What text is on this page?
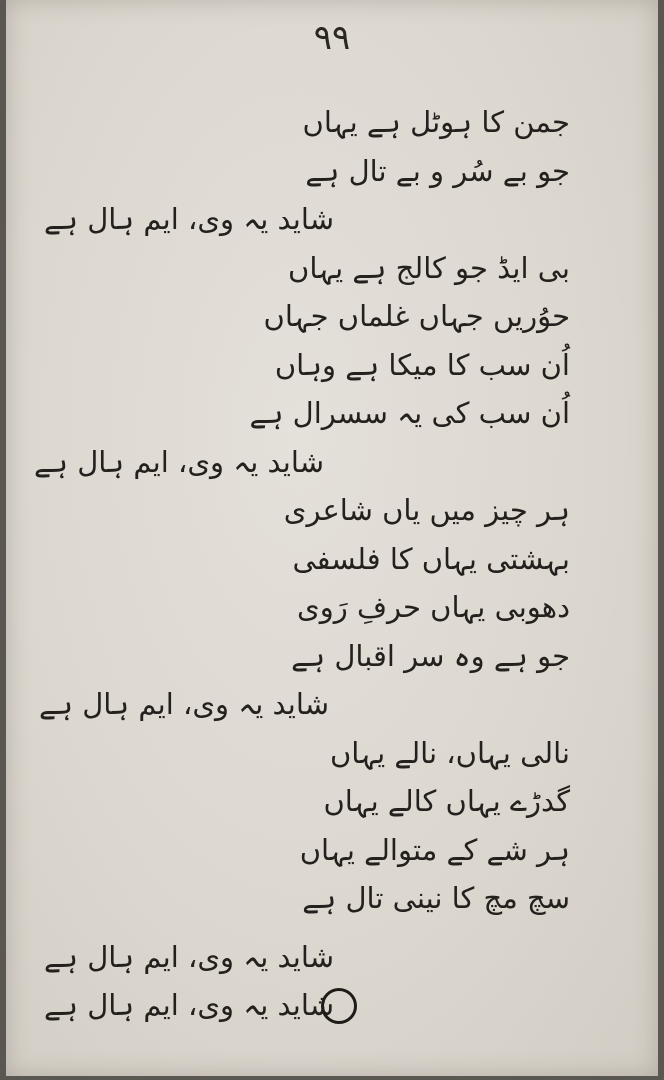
۹۹
جمن کا ہوٹل ہے یہاں
جو بے سُر و بے تال ہے
شاید یہ وی، ایم ہال ہے
بی ایڈ جو کالج ہے یہاں
حوُریں جہاں غلماں جہاں
اُن سب کا میکا ہے وہاں
اُن سب کی یہ سسرال ہے
شاید یہ وی، ایم ہال ہے
ہر چیز میں یاں شاعری
بہشتی یہاں کا فلسفی
دھوبی یہاں حرفِ رَوی
جو ہے وہ سر اقبال ہے
شاید یہ وی، ایم ہال ہے
نالی یہاں، نالے یہاں
گدڑے یہاں کالے یہاں
ہر شے کے متوالے یہاں
سچ مچ کا نینی تال ہے
شاید یہ وی، ایم ہال ہے
شاید یہ وی، ایم ہال ہے
